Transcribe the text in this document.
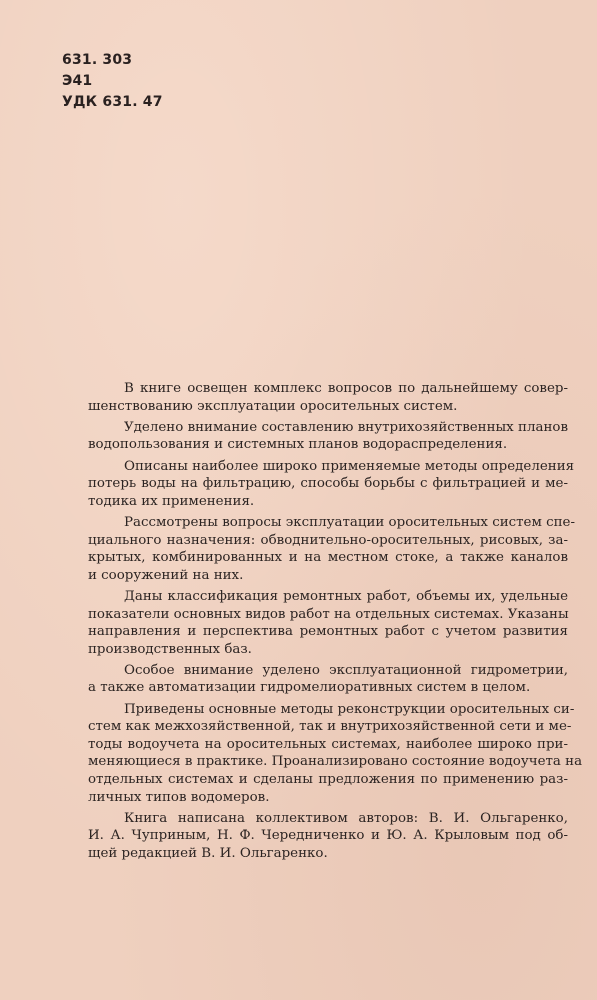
631. 303
Э41
УДК 631. 47

В книге освещен комплекс вопросов по дальнейшему совер-
шенствованию эксплуатации оросительных систем.

Уделено внимание составлению внутрихозяйственных планов
водопользования и системных планов водораспределения.

Описаны наиболее широко применяемые методы определения
потерь воды на фильтрацию, способы борьбы с фильтрацией и ме-
тодика их применения.

Рассмотрены вопросы эксплуатации оросительных систем спе-
циального назначения: обводнительно-оросительных, рисовых, за-
крытых, комбинированных и на местном стоке, а также каналов
и сооружений на них.

Даны классификация ремонтных работ, объемы их, удельные
показатели основных видов работ на отдельных системах. Указаны
направления и перспектива ремонтных работ с учетом развития
производственных баз.

Особое внимание уделено эксплуатационной гидрометрии,
а также автоматизации гидромелиоративных систем в целом.

Приведены основные методы реконструкции оросительных си-
стем как межхозяйственной, так и внутрихозяйственной сети и ме-
тоды водоучета на оросительных системах, наиболее широко при-
меняющиеся в практике. Проанализировано состояние водоучета на
отдельных системах и сделаны предложения по применению раз-
личных типов водомеров.

Книга написана коллективом авторов: В. И. Ольгаренко,
И. А. Чуприным, Н. Ф. Чередниченко и Ю. А. Крыловым под об-
щей редакцией В. И. Ольгаренко.
